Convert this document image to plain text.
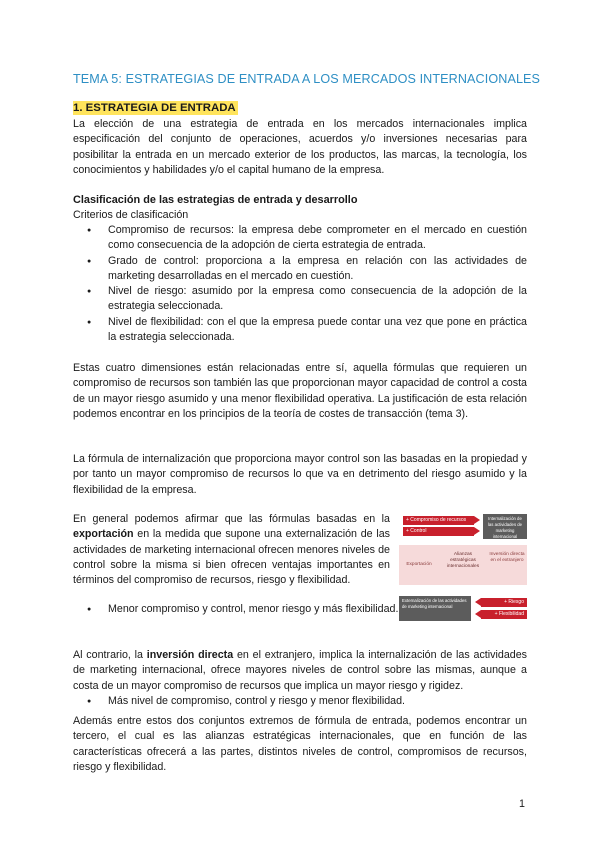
TEMA 5: ESTRATEGIAS DE ENTRADA A LOS MERCADOS INTERNACIONALES
1. ESTRATEGIA DE ENTRADA

La elección de una estrategia de entrada en los mercados internacionales implica especificación del conjunto de operaciones, acuerdos y/o inversiones necesarias para posibilitar la entrada en un mercado exterior de los productos, las marcas, la tecnología, los conocimientos y habilidades y/o el capital humano de la empresa.

Clasificación de las estrategias de entrada y desarrollo
Criterios de clasificación
● Compromiso de recursos: la empresa debe comprometer en el mercado en cuestión como consecuencia de la adopción de cierta estrategia de entrada.
● Grado de control: proporciona a la empresa en relación con las actividades de marketing desarrolladas en el mercado en cuestión.
● Nivel de riesgo: asumido por la empresa como consecuencia de la adopción de la estrategia seleccionada.
● Nivel de flexibilidad: con el que la empresa puede contar una vez que pone en práctica la estrategia seleccionada.

Estas cuatro dimensiones están relacionadas entre sí, aquella fórmulas que requieren un compromiso de recursos son también las que proporcionan mayor capacidad de control a costa de un mayor riesgo asumido y una menor flexibilidad operativa. La justificación de esta relación podemos encontrar en los principios de la teoría de costes de transacción (tema 3).

La fórmula de internalización que proporciona mayor control son las basadas en la propiedad y por tanto un mayor compromiso de recursos lo que va en detrimento del riesgo asumido y la flexibilidad de la empresa.

En general podemos afirmar que las fórmulas basadas en la exportación en la medida que supone una externalización de las actividades de marketing internacional ofrecen menores niveles de control sobre la misma si bien ofrecen ventajas importantes en términos del compromiso de recursos, riesgo y flexibilidad.

● Menor compromiso y control, menor riesgo y más flexibilidad.

Al contrario, la inversión directa en el extranjero, implica la internalización de las actividades de marketing internacional, ofrece mayores niveles de control sobre las mismas, aunque a costa de un mayor compromiso de recursos que implica un mayor riesgo y rigidez.

● Más nivel de compromiso, control y riesgo y menor flexibilidad.

Además entre estos dos conjuntos extremos de fórmula de entrada, podemos encontrar un tercero, el cual es las alianzas estratégicas internacionales, que en función de las características ofrecerá a las partes, distintos niveles de control, compromisos de recursos, riesgo y flexibilidad.

+ Compromiso de recursos
+ Control
Internalización de las actividades de marketing internacional
Exportación
Alianzas estratégicas internacionales
Inversión directa en el extranjero
Externalización de las actividades de marketing internacional
+ Riesgo
+ Flexibilidad
1
